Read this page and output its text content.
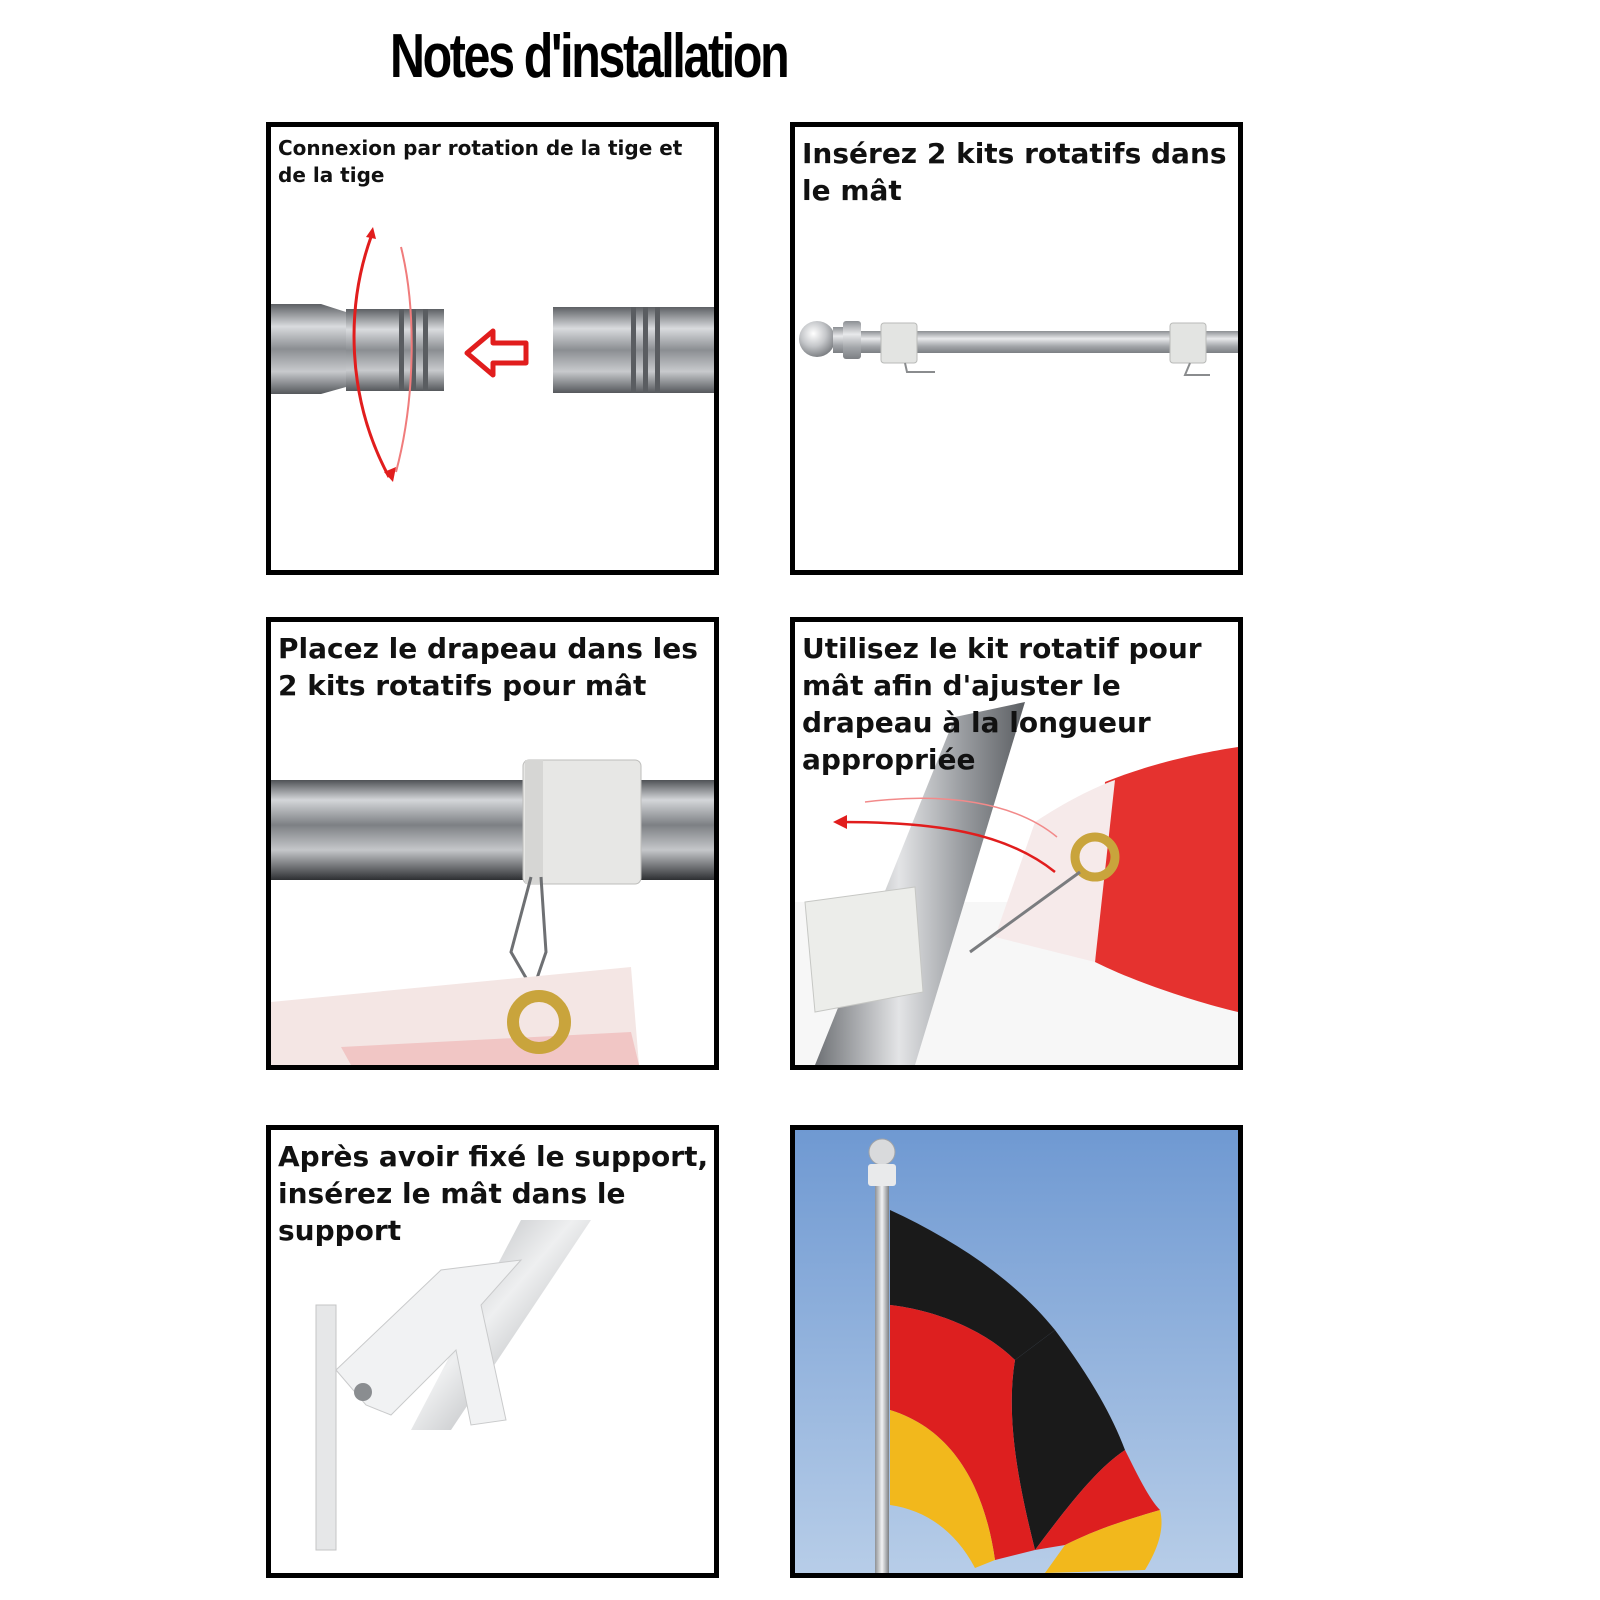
Notes d'installation
Connexion par rotation de la tige et de la tige
Insérez 2 kits rotatifs dans le mât
Placez le drapeau dans les 2 kits rotatifs pour mât
Utilisez le kit rotatif pour mât afin d'ajuster le drapeau à la longueur appropriée
Après avoir fixé le support, insérez le mât dans le support
